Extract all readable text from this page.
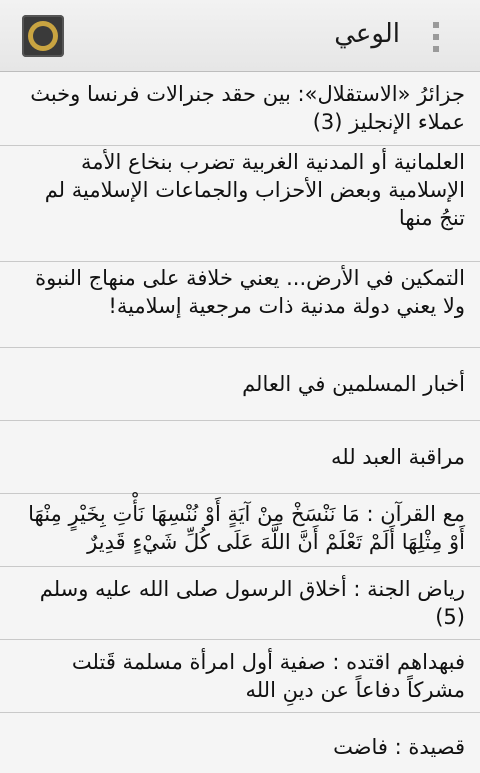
الوعي
جزائرُ «الاستقلال»: بين حقد جنرالات فرنسا وخبث عملاء الإنجليز (3)
العلمانية أو المدنية الغربية تضرب بنخاع الأمة الإسلامية وبعض الأحزاب والجماعات الإسلامية لم تنجُ منها
التمكين في الأرض... يعني خلافة على منهاج النبوة ولا يعني دولة مدنية ذات مرجعية إسلامية!
أخبار المسلمين في العالم
مراقبة العبد لله
مع القرآن : مَا نَنْسَخْ مِنْ آيَةٍ أَوْ نُنْسِهَا نَأْتِ بِخَيْرٍ مِنْهَا أَوْ مِثْلِهَا أَلَمْ تَعْلَمْ أَنَّ اللَّهَ عَلَى كُلِّ شَيْءٍ قَدِيرٌ
رياض الجنة : أخلاق الرسول صلى الله عليه وسلم (5)
فبهداهم اقتده : صفية أول امرأة مسلمة قَتلت مشركاً دفاعاً عن دينِ الله
قصيدة : فاضت
